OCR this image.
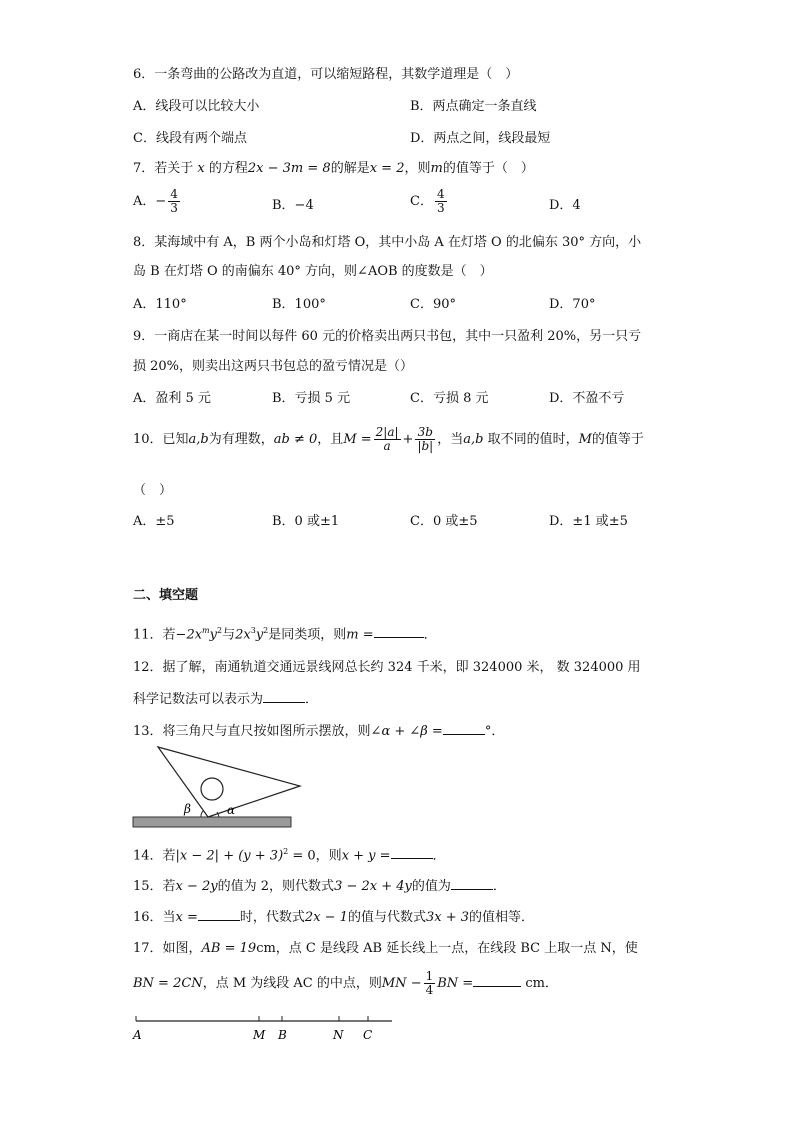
6．一条弯曲的公路改为直道，可以缩短路程，其数学道理是（　）
A．线段可以比较大小	B．两点确定一条直线
C．线段有两个端点	D．两点之间，线段最短
7．若关于 x 的方程2x − 3m = 8的解是x = 2，则m的值等于（　）
A．− $\frac{4}{3}$	B．−4	C． $\frac{4}{3}$	D．4
8．某海域中有 A，B 两个小岛和灯塔 O，其中小岛 A 在灯塔 O 的北偏东 30° 方向，小
岛 B 在灯塔 O 的南偏东 40° 方向，则∠AOB 的度数是（　）
A．110°	B．100°	C．90°	D．70°
9．一商店在某一时间以每件 60 元的价格卖出两只书包，其中一只盈利 20%，另一只亏
损 20%，则卖出这两只书包总的盈亏情况是（）
A．盈利 5 元	B．亏损 5 元	C．亏损 8 元	D．不盈不亏
10．已知a,b为有理数，ab ≠ 0，且$M = \frac{2|a|}{a} + \frac{3b}{|b|}$ ，当a,b 取不同的值时，M的值等于
（　）
A．±5	B．0 或±1	C．0 或±5	D．±1 或±5
二、填空题
11．若$-2x^my^2$与$2x^3y^2$是同类项，则m =	．
12．据了解，南通轨道交通远景线网总长约 324 千米，即 324000 米， 数 324000 用
科学记数法可以表示为	．
13．将三角尺与直尺按如图所示摆放，则∠α + ∠β =	°．
β	α
14．若$|x - 2| + (y + 3)^2 = 0$，则x + y =	．
15．若x − 2y的值为 2，则代数式3 − 2x + 4y的值为	．
16．当x =	时，代数式2x − 1的值与代数式3x + 3的值相等．
17．如图，AB = 19cm，点 C 是线段 AB 延长线上一点，在线段 BC 上取一点 N，使
BN = 2CN，点 M 为线段 AC 的中点，则MN − $\frac{1}{4}$ BN =	cm．
A	M B	N C
